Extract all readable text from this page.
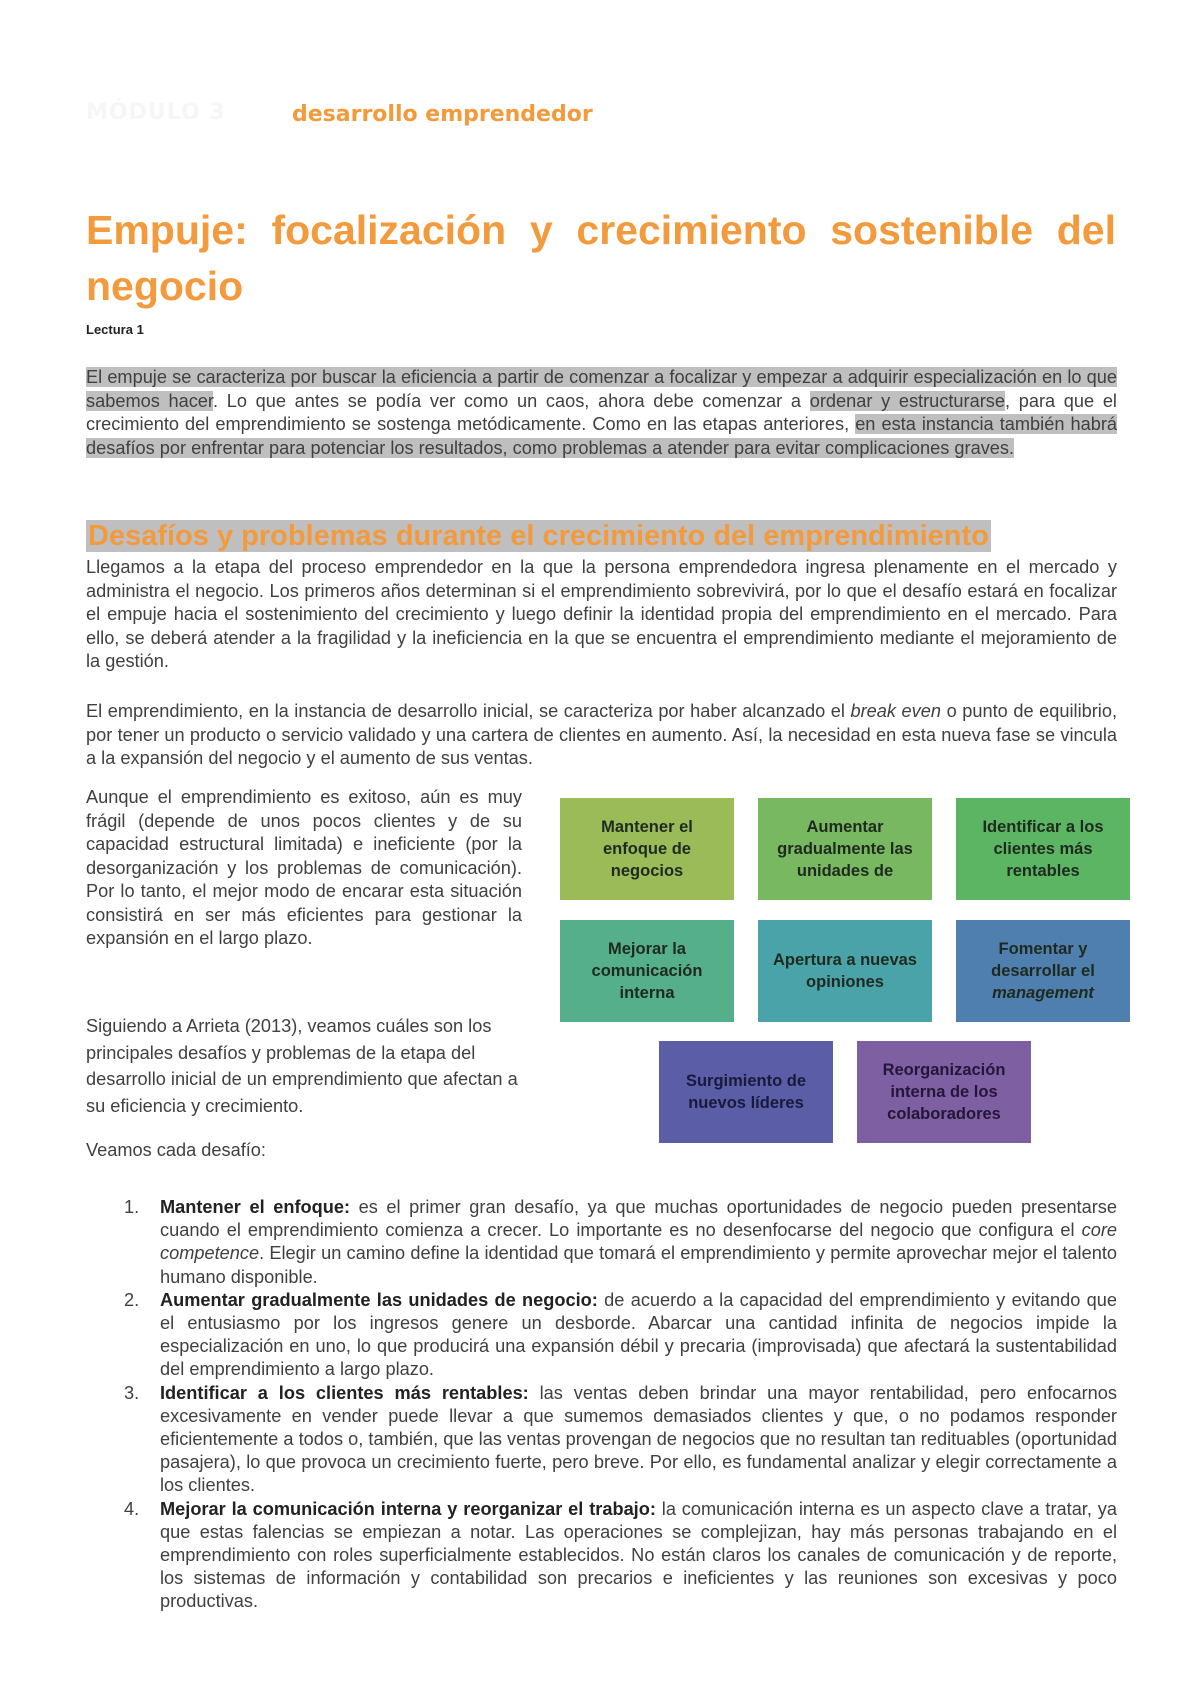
MÓDULO 3	desarrollo emprendedor
Empuje: focalización y crecimiento sostenible del negocio
Lectura 1

El empuje se caracteriza por buscar la eficiencia a partir de comenzar a focalizar y empezar a adquirir especialización en lo que sabemos hacer. Lo que antes se podía ver como un caos, ahora debe comenzar a ordenar y estructurarse, para que el crecimiento del emprendimiento se sostenga metódicamente. Como en las etapas anteriores, en esta instancia también habrá desafíos por enfrentar para potenciar los resultados, como problemas a atender para evitar complicaciones graves.

Desafíos y problemas durante el crecimiento del emprendimiento

Llegamos a la etapa del proceso emprendedor en la que la persona emprendedora ingresa plenamente en el mercado y administra el negocio. Los primeros años determinan si el emprendimiento sobrevivirá, por lo que el desafío estará en focalizar el empuje hacia el sostenimiento del crecimiento y luego definir la identidad propia del emprendimiento en el mercado. Para ello, se deberá atender a la fragilidad y la ineficiencia en la que se encuentra el emprendimiento mediante el mejoramiento de la gestión.

El emprendimiento, en la instancia de desarrollo inicial, se caracteriza por haber alcanzado el break even o punto de equilibrio, por tener un producto o servicio validado y una cartera de clientes en aumento. Así, la necesidad en esta nueva fase se vincula a la expansión del negocio y el aumento de sus ventas.

Aunque el emprendimiento es exitoso, aún es muy frágil (depende de unos pocos clientes y de su capacidad estructural limitada) e ineficiente (por la desorganización y los problemas de comunicación). Por lo tanto, el mejor modo de encarar esta situación consistirá en ser más eficientes para gestionar la expansión en el largo plazo.

Siguiendo a Arrieta (2013), veamos cuáles son los principales desafíos y problemas de la etapa del desarrollo inicial de un emprendimiento que afectan a su eficiencia y crecimiento.

Veamos cada desafío:

Mantener el enfoque de negocios
Aumentar gradualmente las unidades de
Identificar a los clientes más rentables
Mejorar la comunicación interna
Apertura a nuevas opiniones
Fomentar y desarrollar el management
Surgimiento de nuevos líderes
Reorganización interna de los colaboradores
1. Mantener el enfoque: es el primer gran desafío, ya que muchas oportunidades de negocio pueden presentarse cuando el emprendimiento comienza a crecer. Lo importante es no desenfocarse del negocio que configura el core competence. Elegir un camino define la identidad que tomará el emprendimiento y permite aprovechar mejor el talento humano disponible.
2. Aumentar gradualmente las unidades de negocio: de acuerdo a la capacidad del emprendimiento y evitando que el entusiasmo por los ingresos genere un desborde. Abarcar una cantidad infinita de negocios impide la especialización en uno, lo que producirá una expansión débil y precaria (improvisada) que afectará la sustentabilidad del emprendimiento a largo plazo.
3. Identificar a los clientes más rentables: las ventas deben brindar una mayor rentabilidad, pero enfocarnos excesivamente en vender puede llevar a que sumemos demasiados clientes y que, o no podamos responder eficientemente a todos o, también, que las ventas provengan de negocios que no resultan tan redituables (oportunidad pasajera), lo que provoca un crecimiento fuerte, pero breve. Por ello, es fundamental analizar y elegir correctamente a los clientes.
4. Mejorar la comunicación interna y reorganizar el trabajo: la comunicación interna es un aspecto clave a tratar, ya que estas falencias se empiezan a notar. Las operaciones se complejizan, hay más personas trabajando en el emprendimiento con roles superficialmente establecidos. No están claros los canales de comunicación y de reporte, los sistemas de información y contabilidad son precarios e ineficientes y las reuniones son excesivas y poco productivas.
